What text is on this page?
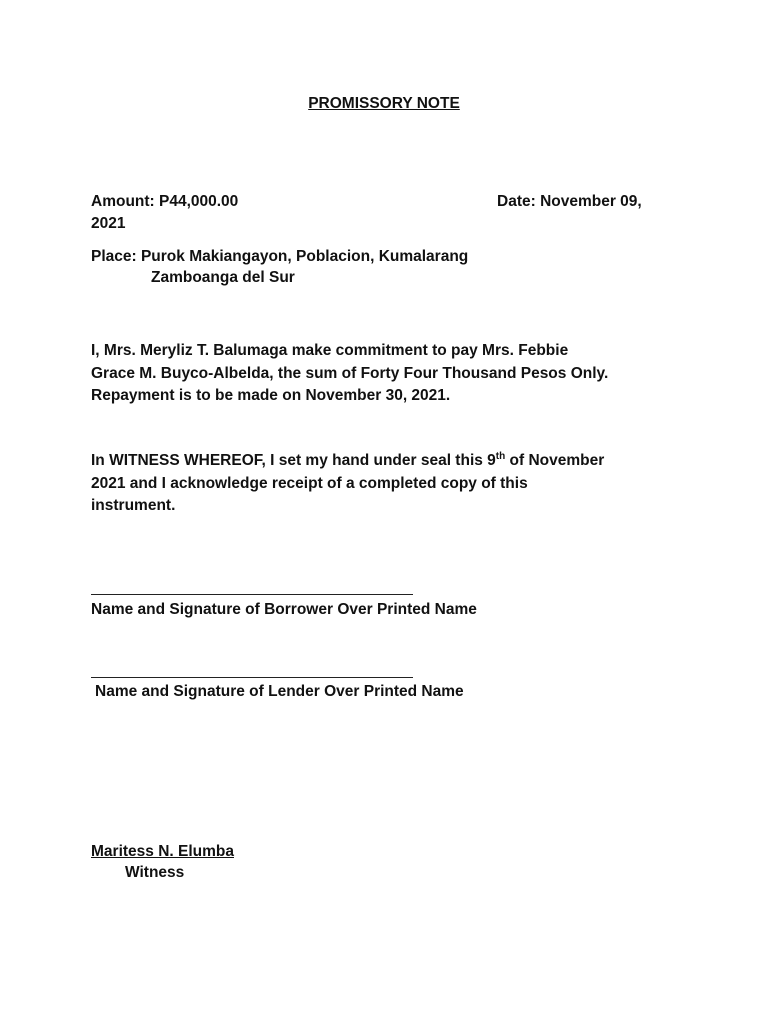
PROMISSORY NOTE
Amount: P44,000.00	Date: November 09,
2021
Place: Purok Makiangayon, Poblacion, Kumalarang
Zamboanga del Sur
I, Mrs. Meryliz T. Balumaga make commitment to pay Mrs. Febbie
Grace M. Buyco-Albelda, the sum of Forty Four Thousand Pesos Only.
Repayment is to be made on November 30, 2021.
In WITNESS WHEREOF, I set my hand under seal this 9th of November
2021 and I acknowledge receipt of a completed copy of this
instrument.
Name and Signature of Borrower Over Printed Name
Name and Signature of Lender Over Printed Name
Maritess N. Elumba
Witness
